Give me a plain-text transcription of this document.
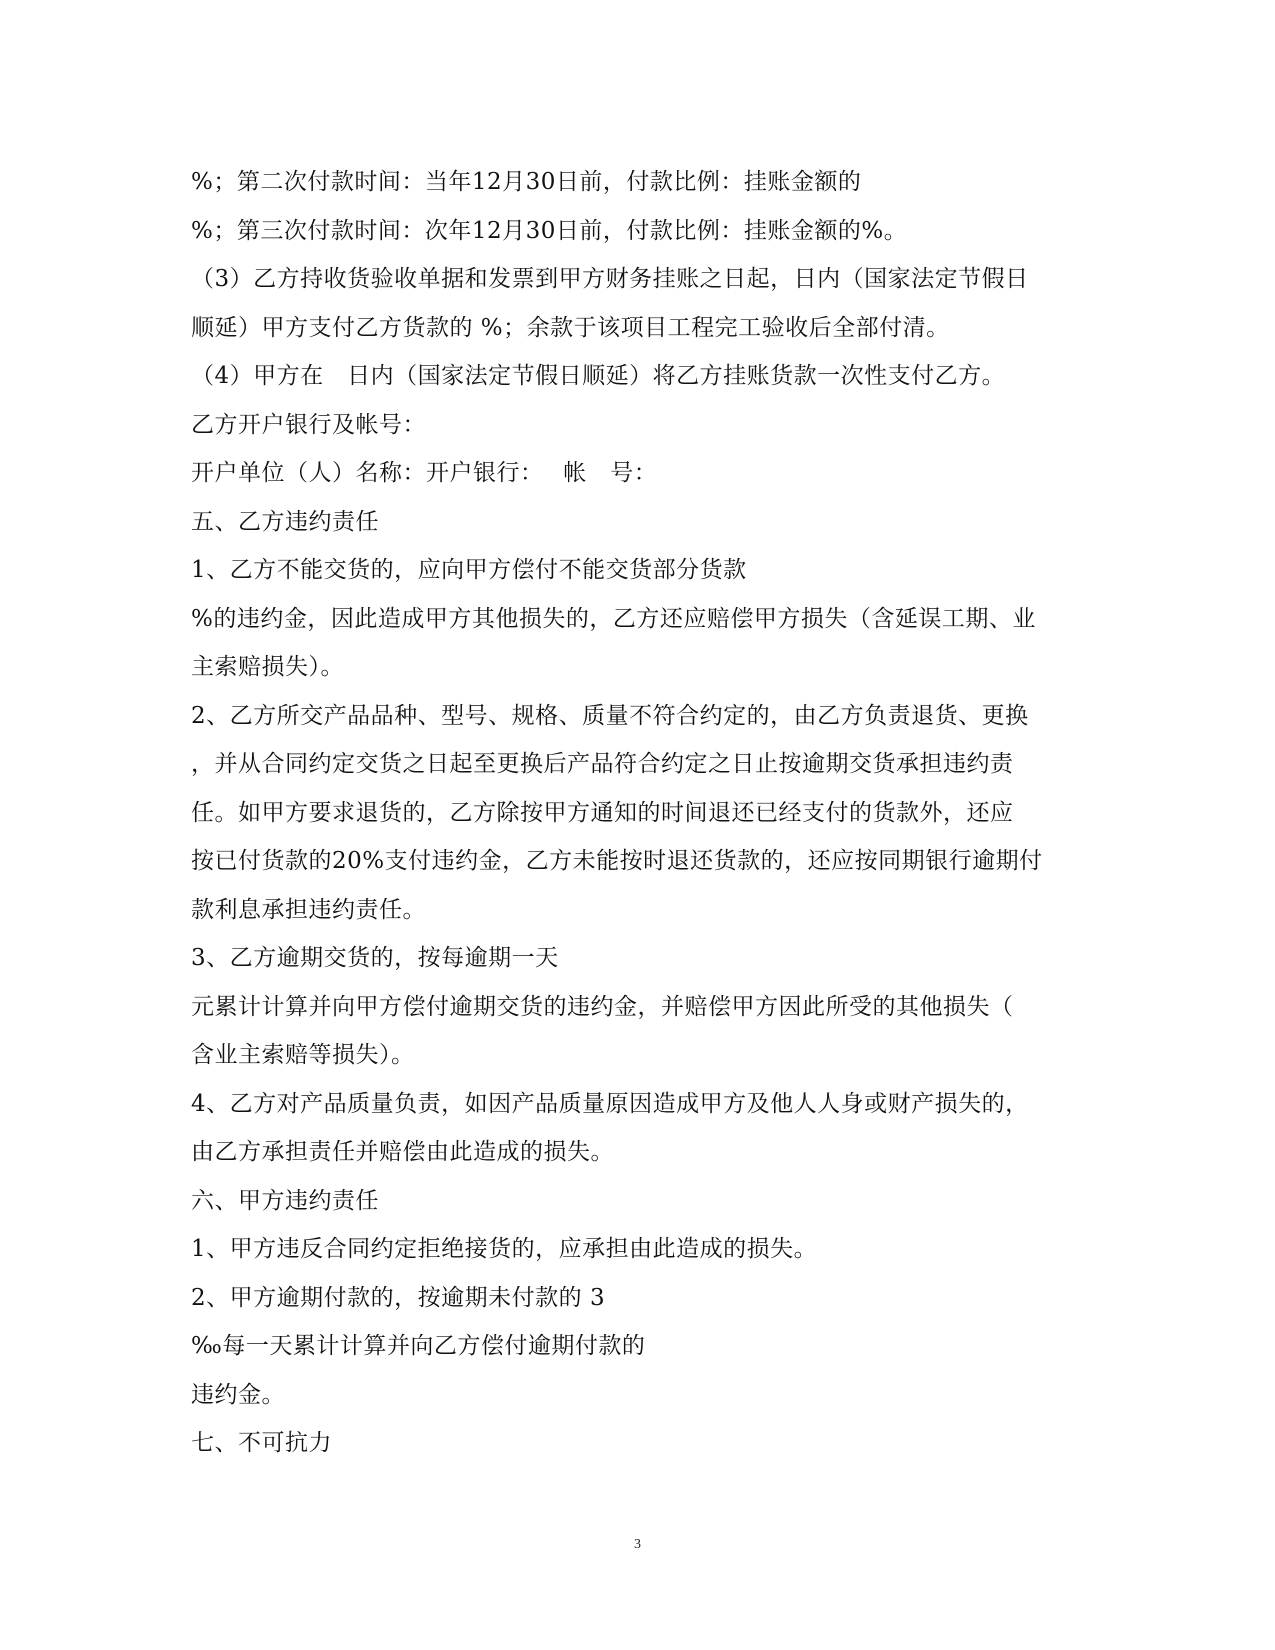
%；第二次付款时间：当年12月30日前，付款比例：挂账金额的
%；第三次付款时间：次年12月30日前，付款比例：挂账金额的%。
（3）乙方持收货验收单据和发票到甲方财务挂账之日起，日内（国家法定节假日
顺延）甲方支付乙方货款的 %；余款于该项目工程完工验收后全部付清。
（4）甲方在　日内（国家法定节假日顺延）将乙方挂账货款一次性支付乙方。
乙方开户银行及帐号：
开户单位（人）名称：开户银行：　 帐　号：
五、乙方违约责任
1、乙方不能交货的，应向甲方偿付不能交货部分货款
%的违约金，因此造成甲方其他损失的，乙方还应赔偿甲方损失（含延误工期、业
主索赔损失）。
2、乙方所交产品品种、型号、规格、质量不符合约定的，由乙方负责退货、更换
，并从合同约定交货之日起至更换后产品符合约定之日止按逾期交货承担违约责
任。如甲方要求退货的，乙方除按甲方通知的时间退还已经支付的货款外，还应
按已付货款的20%支付违约金，乙方未能按时退还货款的，还应按同期银行逾期付
款利息承担违约责任。
3、乙方逾期交货的，按每逾期一天
元累计计算并向甲方偿付逾期交货的违约金，并赔偿甲方因此所受的其他损失（
含业主索赔等损失）。
4、乙方对产品质量负责，如因产品质量原因造成甲方及他人人身或财产损失的，
由乙方承担责任并赔偿由此造成的损失。
六、甲方违约责任
1、甲方违反合同约定拒绝接货的，应承担由此造成的损失。
2、甲方逾期付款的，按逾期未付款的 3
‰每一天累计计算并向乙方偿付逾期付款的
违约金。
七、不可抗力
3
